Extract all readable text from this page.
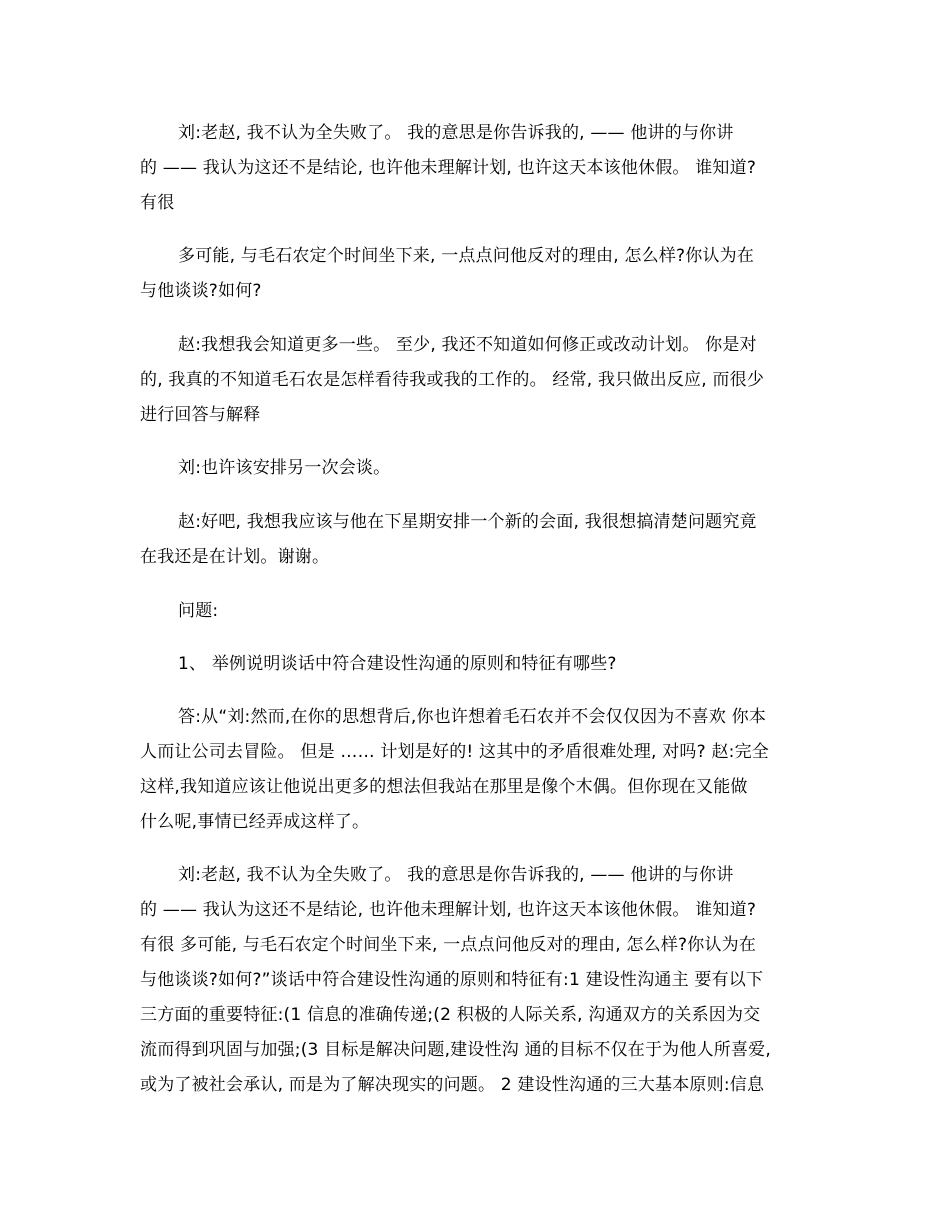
刘:老赵, 我不认为全失败了。 我的意思是你告诉我的, —— 他讲的与你讲
的 —— 我认为这还不是结论, 也许他未理解计划, 也许这天本该他休假。 谁知道?
有很
多可能, 与毛石农定个时间坐下来, 一点点问他反对的理由, 怎么样?你认为在
与他谈谈?如何?
赵:我想我会知道更多一些。 至少, 我还不知道如何修正或改动计划。 你是对
的, 我真的不知道毛石农是怎样看待我或我的工作的。 经常, 我只做出反应, 而很少
进行回答与解释
刘:也许该安排另一次会谈。
赵:好吧, 我想我应该与他在下星期安排一个新的会面, 我很想搞清楚问题究竟
在我还是在计划。谢谢。
问题:
1、 举例说明谈话中符合建设性沟通的原则和特征有哪些?
答:从“刘:然而,在你的思想背后,你也许想着毛石农并不会仅仅因为不喜欢 你本
人而让公司去冒险。 但是 …… 计划是好的! 这其中的矛盾很难处理, 对吗? 赵:完全
这样,我知道应该让他说出更多的想法但我站在那里是像个木偶。但你现在又能做
什么呢,事情已经弄成这样了。
刘:老赵, 我不认为全失败了。 我的意思是你告诉我的, —— 他讲的与你讲
的 —— 我认为这还不是结论, 也许他未理解计划, 也许这天本该他休假。 谁知道?
有很 多可能, 与毛石农定个时间坐下来, 一点点问他反对的理由, 怎么样?你认为在
与他谈谈?如何?”谈话中符合建设性沟通的原则和特征有:1 建设性沟通主 要有以下
三方面的重要特征:(1 信息的准确传递;(2 积极的人际关系, 沟通双方的关系因为交
流而得到巩固与加强;(3 目标是解决问题,建设性沟 通的目标不仅在于为他人所喜爱,
或为了被社会承认, 而是为了解决现实的问题。 2 建设性沟通的三大基本原则:信息
